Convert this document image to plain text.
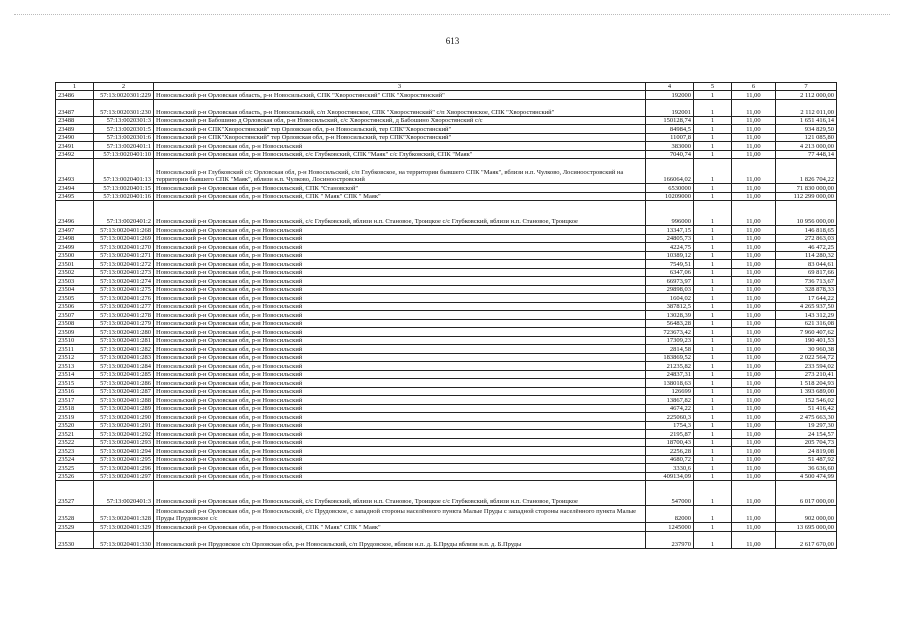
613
1	2	3	4	5	6	7
23486	57:13:0020301:229	Новосильский р-н Орловская область, р-н Новосильский, СПК "Хворостянский" СПК "Хворостянский"	192000	1	11,00	2 112 000,00
23487	57:13:0020301:230	Новосильский р-н Орловская область, р-н Новосильский, с/п Хворостянское, СПК "Хворостянский" с/п Хворостянское, СПК "Хворостянский"	192001	1	11,00	2 112 011,00
23488	57:13:0020301:3	Новосильский р-н Бабошино д Орловская обл, р-н Новосильский, с/с Хворостянский, д Бабошино Хворостянский с/с	150128,74	1	11,00	1 651 416,14
23489	57:13:0020301:5	Новосильский р-н СПК"Хворостянский" тер Орловская обл, р-н Новосильский, тер СПК"Хворостянский"	84984,5	1	11,00	934 829,50
23490	57:13:0020301:6	Новосильский р-н СПК"Хворостянский" тер Орловская обл, р-н Новосильский, тер СПК"Хворостянский"	11007,8	1	11,00	121 085,80
23491	57:13:0020401:1	Новосильский р-н Орловская обл, р-н Новосильский	383000	1	11,00	4 213 000,00
23492	57:13:0020401:10	Новосильский р-н Орловская обл, р-н Новосильский, с/с Глубковский, СПК "Маяк" с/с Глубковский, СПК "Маяк"	7040,74	1	11,00	77 448,14
23493	57:13:0020401:13	Новосильский р-н Глубковский с/с Орловская обл, р-н Новосильский, с/п Глубковское, на территории бывшего СПК "Маяк", вблизи н.п. Чулково, Лосиноостровский на территории бывшего СПК "Маяк", вблизи н.п. Чулково, Лосиноостровский	166064,02	1	11,00	1 826 704,22
23494	57:13:0020401:15	Новосильский р-н Орловская обл, р-н Новосильский, СПК "Становской"	6530000	1	11,00	71 830 000,00
23495	57:13:0020401:16	Новосильский р-н Орловская обл, р-н Новосильский, СПК " Маяк" СПК " Маяк"	10209000	1	11,00	112 299 000,00
23496	57:13:0020401:2	Новосильский р-н Орловская обл, р-н Новосильский, с/с Глубковский, вблизи н.п. Становое, Троицкое с/с Глубковский, вблизи н.п. Становое, Троицкое	996000	1	11,00	10 956 000,00
23497	57:13:0020401:268	Новосильский р-н Орловская обл, р-н Новосильский	13347,15	1	11,00	146 818,65
23498	57:13:0020401:269	Новосильский р-н Орловская обл, р-н Новосильский	24805,73	1	11,00	272 863,03
23499	57:13:0020401:270	Новосильский р-н Орловская обл, р-н Новосильский	4224,75	1	11,00	46 472,25
23500	57:13:0020401:271	Новосильский р-н Орловская обл, р-н Новосильский	10389,12	1	11,00	114 280,32
23501	57:13:0020401:272	Новосильский р-н Орловская обл, р-н Новосильский	7549,51	1	11,00	83 044,61
23502	57:13:0020401:273	Новосильский р-н Орловская обл, р-н Новосильский	6347,06	1	11,00	69 817,66
23503	57:13:0020401:274	Новосильский р-н Орловская обл, р-н Новосильский	66973,97	1	11,00	736 713,67
23504	57:13:0020401:275	Новосильский р-н Орловская обл, р-н Новосильский	29898,03	1	11,00	328 878,33
23505	57:13:0020401:276	Новосильский р-н Орловская обл, р-н Новосильский	1604,02	1	11,00	17 644,22
23506	57:13:0020401:277	Новосильский р-н Орловская обл, р-н Новосильский	387812,5	1	11,00	4 265 937,50
23507	57:13:0020401:278	Новосильский р-н Орловская обл, р-н Новосильский	13028,39	1	11,00	143 312,29
23508	57:13:0020401:279	Новосильский р-н Орловская обл, р-н Новосильский	56483,28	1	11,00	621 316,08
23509	57:13:0020401:280	Новосильский р-н Орловская обл, р-н Новосильский	723673,42	1	11,00	7 960 407,62
23510	57:13:0020401:281	Новосильский р-н Орловская обл, р-н Новосильский	17309,23	1	11,00	190 401,53
23511	57:13:0020401:282	Новосильский р-н Орловская обл, р-н Новосильский	2814,58	1	11,00	30 960,38
23512	57:13:0020401:283	Новосильский р-н Орловская обл, р-н Новосильский	183869,52	1	11,00	2 022 564,72
23513	57:13:0020401:284	Новосильский р-н Орловская обл, р-н Новосильский	21235,82	1	11,00	233 594,02
23514	57:13:0020401:285	Новосильский р-н Орловская обл, р-н Новосильский	24837,31	1	11,00	273 210,41
23515	57:13:0020401:286	Новосильский р-н Орловская обл, р-н Новосильский	138018,63	1	11,00	1 518 204,93
23516	57:13:0020401:287	Новосильский р-н Орловская обл, р-н Новосильский	126699	1	11,00	1 393 689,00
23517	57:13:0020401:288	Новосильский р-н Орловская обл, р-н Новосильский	13867,82	1	11,00	152 546,02
23518	57:13:0020401:289	Новосильский р-н Орловская обл, р-н Новосильский	4674,22	1	11,00	51 416,42
23519	57:13:0020401:290	Новосильский р-н Орловская обл, р-н Новосильский	225060,3	1	11,00	2 475 663,30
23520	57:13:0020401:291	Новосильский р-н Орловская обл, р-н Новосильский	1754,3	1	11,00	19 297,30
23521	57:13:0020401:292	Новосильский р-н Орловская обл, р-н Новосильский	2195,87	1	11,00	24 154,57
23522	57:13:0020401:293	Новосильский р-н Орловская обл, р-н Новосильский	18700,43	1	11,00	205 704,73
23523	57:13:0020401:294	Новосильский р-н Орловская обл, р-н Новосильский	2256,28	1	11,00	24 819,08
23524	57:13:0020401:295	Новосильский р-н Орловская обл, р-н Новосильский	4680,72	1	11,00	51 487,92
23525	57:13:0020401:296	Новосильский р-н Орловская обл, р-н Новосильский	3330,6	1	11,00	36 636,60
23526	57:13:0020401:297	Новосильский р-н Орловская обл, р-н Новосильский	409134,09	1	11,00	4 500 474,99
23527	57:13:0020401:3	Новосильский р-н Орловская обл, р-н Новосильский, с/с Глубковский, вблизи н.п. Становое, Троицкое с/с Глубковский, вблизи н.п. Становое, Троицкое	547000	1	11,00	6 017 000,00
23528	57:13:0020401:328	Новосильский р-н Орловская обл, р-н Новосильский, с/с Прудовское, с западной стороны населённого пункта Малые Пруды с западной стороны населённого пункта Малые Пруды Прудовское с/с	82000	1	11,00	902 000,00
23529	57:13:0020401:329	Новосильский р-н Орловская обл, р-н Новосильский, СПК " Маяк" СПК " Маяк"	1245000	1	11,00	13 695 000,00
23530	57:13:0020401:330	Новосильский р-н Прудовское с/п Орловская обл, р-н Новосильский, с/п Прудовское, вблизи н.п. д. Б.Пруды вблизи н.п. д. Б.Пруды	237970	1	11,00	2 617 670,00
